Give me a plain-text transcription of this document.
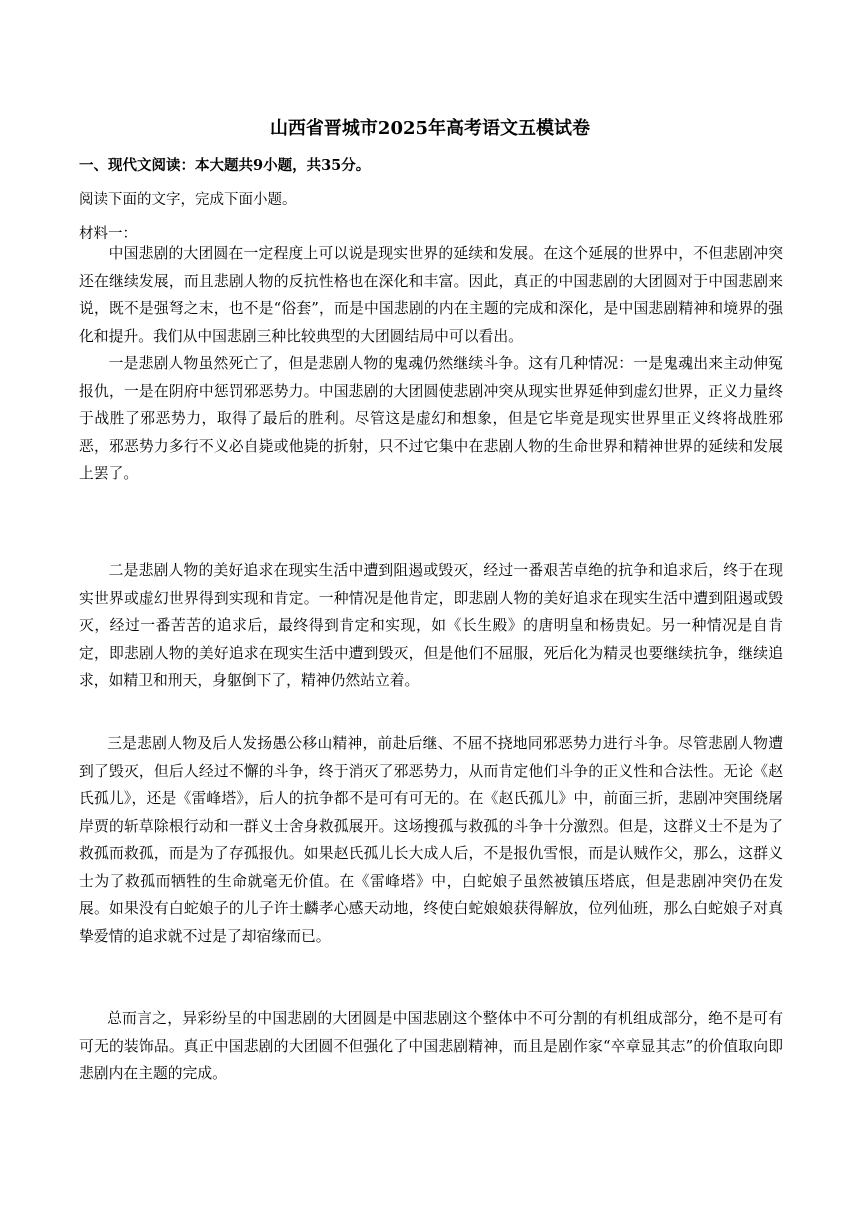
山西省晋城市2025年高考语文五模试卷
一、现代文阅读：本大题共9小题，共35分。
阅读下面的文字，完成下面小题。
材料一：

中国悲剧的大团圆在一定程度上可以说是现实世界的延续和发展。在这个延展的世界中，不但悲剧冲突还在继续发展，而且悲剧人物的反抗性格也在深化和丰富。因此，真正的中国悲剧的大团圆对于中国悲剧来说，既不是强弩之末，也不是“俗套”，而是中国悲剧的内在主题的完成和深化，是中国悲剧精神和境界的强化和提升。我们从中国悲剧三种比较典型的大团圆结局中可以看出。

一是悲剧人物虽然死亡了，但是悲剧人物的鬼魂仍然继续斗争。这有几种情况：一是鬼魂出来主动伸冤报仇，一是在阴府中惩罚邪恶势力。中国悲剧的大团圆使悲剧冲突从现实世界延伸到虚幻世界，正义力量终于战胜了邪恶势力，取得了最后的胜利。尽管这是虚幻和想象，但是它毕竟是现实世界里正义终将战胜邪恶，邪恶势力多行不义必自毙或他毙的折射，只不过它集中在悲剧人物的生命世界和精神世界的延续和发展上罢了。

二是悲剧人物的美好追求在现实生活中遭到阻遏或毁灭，经过一番艰苦卓绝的抗争和追求后，终于在现实世界或虚幻世界得到实现和肯定。一种情况是他肯定，即悲剧人物的美好追求在现实生活中遭到阻遏或毁灭，经过一番苦苦的追求后，最终得到肯定和实现，如《长生殿》的唐明皇和杨贵妃。另一种情况是自肯定，即悲剧人物的美好追求在现实生活中遭到毁灭，但是他们不屈服，死后化为精灵也要继续抗争，继续追求，如精卫和刑天，身躯倒下了，精神仍然站立着。

三是悲剧人物及后人发扬愚公移山精神，前赴后继、不屈不挠地同邪恶势力进行斗争。尽管悲剧人物遭到了毁灭，但后人经过不懈的斗争，终于消灭了邪恶势力，从而肯定他们斗争的正义性和合法性。无论《赵氏孤儿》，还是《雷峰塔》，后人的抗争都不是可有可无的。在《赵氏孤儿》中，前面三折，悲剧冲突围绕屠岸贾的斩草除根行动和一群义士舍身救孤展开。这场搜孤与救孤的斗争十分激烈。但是，这群义士不是为了救孤而救孤，而是为了存孤报仇。如果赵氏孤儿长大成人后，不是报仇雪恨，而是认贼作父，那么，这群义士为了救孤而牺牲的生命就毫无价值。在《雷峰塔》中，白蛇娘子虽然被镇压塔底，但是悲剧冲突仍在发展。如果没有白蛇娘子的儿子许士麟孝心感天动地，终使白蛇娘娘获得解放，位列仙班，那么白蛇娘子对真挚爱情的追求就不过是了却宿缘而已。

总而言之，异彩纷呈的中国悲剧的大团圆是中国悲剧这个整体中不可分割的有机组成部分，绝不是可有可无的装饰品。真正中国悲剧的大团圆不但强化了中国悲剧精神，而且是剧作家“卒章显其志”的价值取向即悲剧内在主题的完成。
